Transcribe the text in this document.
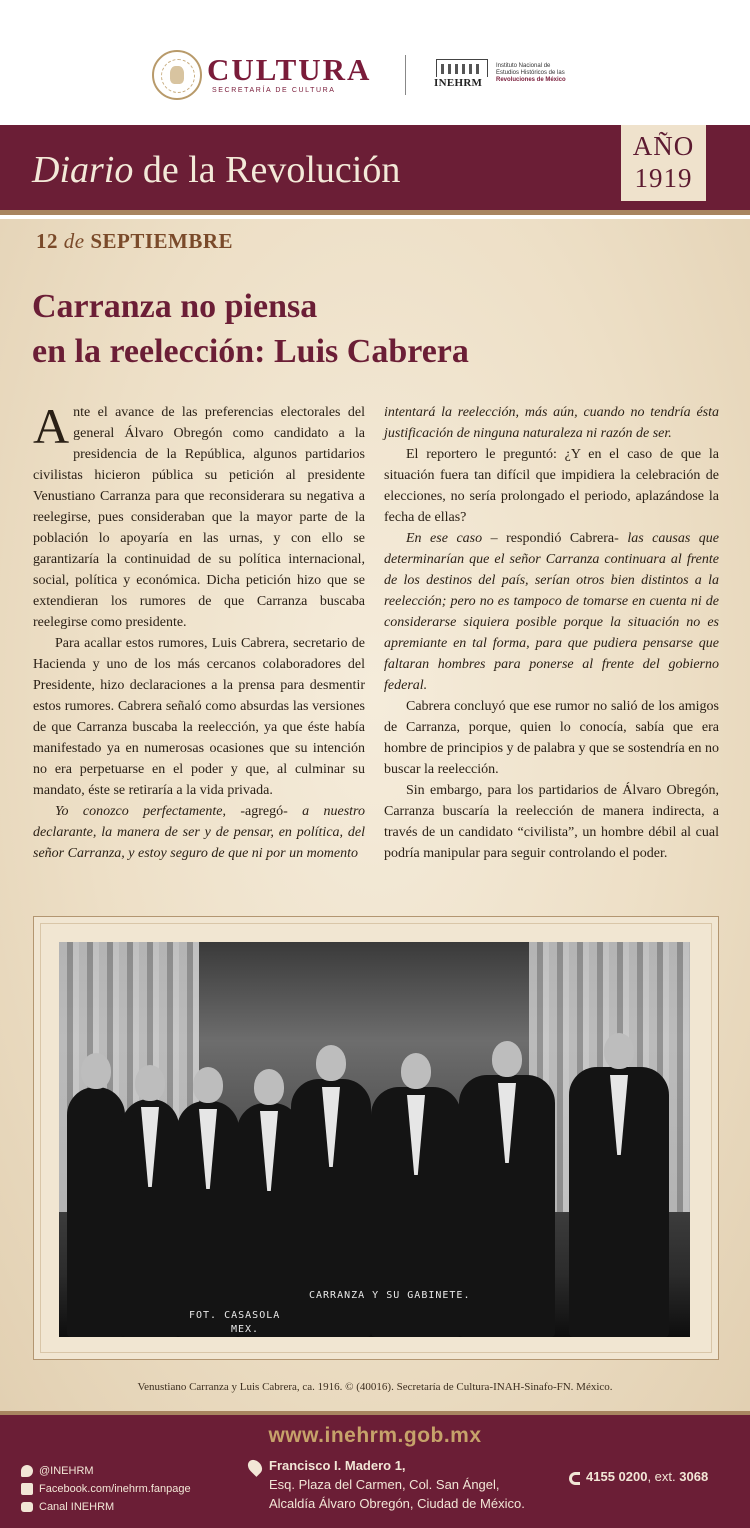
CULTURA
SECRETARÍA DE CULTURA
INEHRM
Instituto Nacional de
Estudios Históricos de las
Revoluciones de México
Diario de la Revolución
AÑO
1919
12 de SEPTIEMBRE
Carranza no piensa
en la reelección: Luis Cabrera

Ante el avance de las preferencias electorales del general Álvaro Obregón como candidato a la presidencia de la República, algunos partidarios civilistas hicieron pública su petición al presidente Venustiano Carranza para que reconsiderara su negativa a reelegirse, pues consideraban que la mayor parte de la población lo apoyaría en las urnas, y con ello se garantizaría la continuidad de su política internacional, social, política y económica. Dicha petición hizo que se extendieran los rumores de que Carranza buscaba reelegirse como presidente.

Para acallar estos rumores, Luis Cabrera, secretario de Hacienda y uno de los más cercanos colaboradores del Presidente, hizo declaraciones a la prensa para desmentir estos rumores. Cabrera señaló como absurdas las versiones de que Carranza buscaba la reelección, ya que éste había manifestado ya en numerosas ocasiones que su intención no era perpetuarse en el poder y que, al culminar su mandato, éste se retiraría a la vida privada.

Yo conozco perfectamente, -agregó- a nuestro declarante, la manera de ser y de pensar, en política, del señor Carranza, y estoy seguro de que ni por un momento

intentará la reelección, más aún, cuando no tendría ésta justificación de ninguna naturaleza ni razón de ser.

El reportero le preguntó: ¿Y en el caso de que la situación fuera tan difícil que impidiera la celebración de elecciones, no sería prolongado el periodo, aplazándose la fecha de ellas?

En ese caso – respondió Cabrera- las causas que determinarían que el señor Carranza continuara al frente de los destinos del país, serían otros bien distintos a la reelección; pero no es tampoco de tomarse en cuenta ni de considerarse siquiera posible porque la situación no es apremiante en tal forma, para que pudiera pensarse que faltaran hombres para ponerse al frente del gobierno federal.

Cabrera concluyó que ese rumor no salió de los amigos de Carranza, porque, quien lo conocía, sabía que era hombre de principios y de palabra y que se sostendría en no buscar la reelección.

Sin embargo, para los partidarios de Álvaro Obregón, Carranza buscaría la reelección de manera indirecta, a través de un candidato “civilista”, un hombre débil al cual podría manipular para seguir controlando el poder.

CARRANZA Y SU GABINETE.
FOT. CASASOLA
MEX.
Venustiano Carranza y Luis Cabrera, ca. 1916. © (40016). Secretaría de Cultura-INAH-Sinafo-FN. México.
www.inehrm.gob.mx
@INEHRM
Facebook.com/inehrm.fanpage
Canal INEHRM
Francisco I. Madero 1,
Esq. Plaza del Carmen, Col. San Ángel,
Alcaldía Álvaro Obregón, Ciudad de México.
4155 0200, ext. 3068
